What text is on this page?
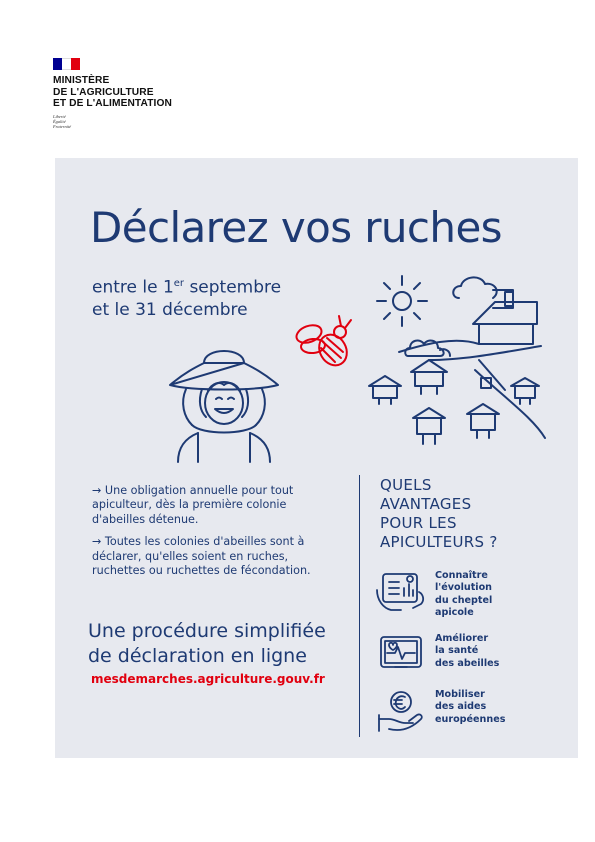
MINISTÈRE
DE L'AGRICULTURE
ET DE L'ALIMENTATION
Liberté
Égalité
Fraternité
Déclarez vos ruches
entre le 1er septembre
et le 31 décembre

→ Une obligation annuelle pour tout apiculteur, dès la première colonie d'abeilles détenue.

→ Toutes les colonies d'abeilles sont à déclarer, qu'elles soient en ruches, ruchettes ou ruchettes de fécondation.

Une procédure simplifiée
de déclaration en ligne
mesdemarches.agriculture.gouv.fr
QUELS
AVANTAGES
POUR LES
APICULTEURS ?
Connaître
l'évolution
du cheptel
apicole
Améliorer
la santé
des abeilles
Mobiliser
des aides
européennes
